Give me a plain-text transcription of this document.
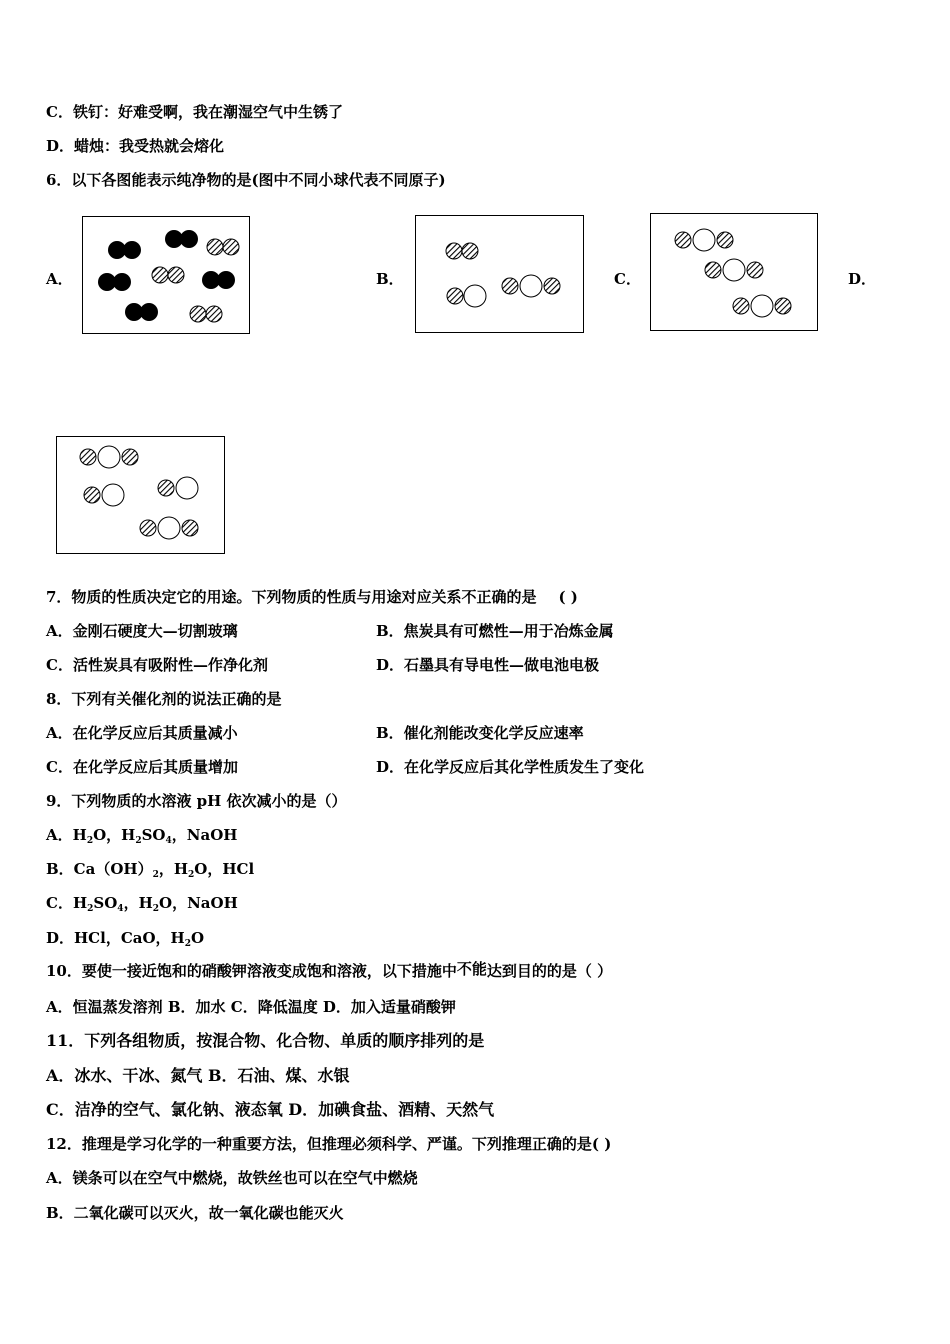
C．铁钉：好难受啊，我在潮湿空气中生锈了
D．蜡烛：我受热就会熔化
6．以下各图能表示纯净物的是(图中不同小球代表不同原子)
A．	B．	C．	D．
7．物质的性质决定它的用途。下列物质的性质与用途对应关系不正确的是 ( )
A．金刚石硬度大—切割玻璃	B．焦炭具有可燃性—用于冶炼金属
C．活性炭具有吸附性—作净化剂	D．石墨具有导电性—做电池电极
8．下列有关催化剂的说法正确的是
A．在化学反应后其质量减小	B．催化剂能改变化学反应速率
C．在化学反应后其质量增加	D．在化学反应后其化学性质发生了变化
9．下列物质的水溶液 pH 依次减小的是（）
A．$H_2O$，$H_2SO_4$，NaOH
B．$Ca(OH)_2$，$H_2O$，HCl
C．$H_2SO_4$，$H_2O$，NaOH
D．HCl，CaO，$H_2O$
10．要使一接近饱和的硝酸钾溶液变成饱和溶液，以下措施中不能达到目的的是（ ）
A．恒温蒸发溶剂 B．加水 C．降低温度 D．加入适量硝酸钾
11．下列各组物质，按混合物、化合物、单质的顺序排列的是
A．冰水、干冰、氮气 B．石油、煤、水银
C．洁净的空气、氯化钠、液态氧 D．加碘食盐、酒精、天然气
12．推理是学习化学的一种重要方法，但推理必须科学、严谨。下列推理正确的是( )
A．镁条可以在空气中燃烧，故铁丝也可以在空气中燃烧
B．二氧化碳可以灭火，故一氧化碳也能灭火
